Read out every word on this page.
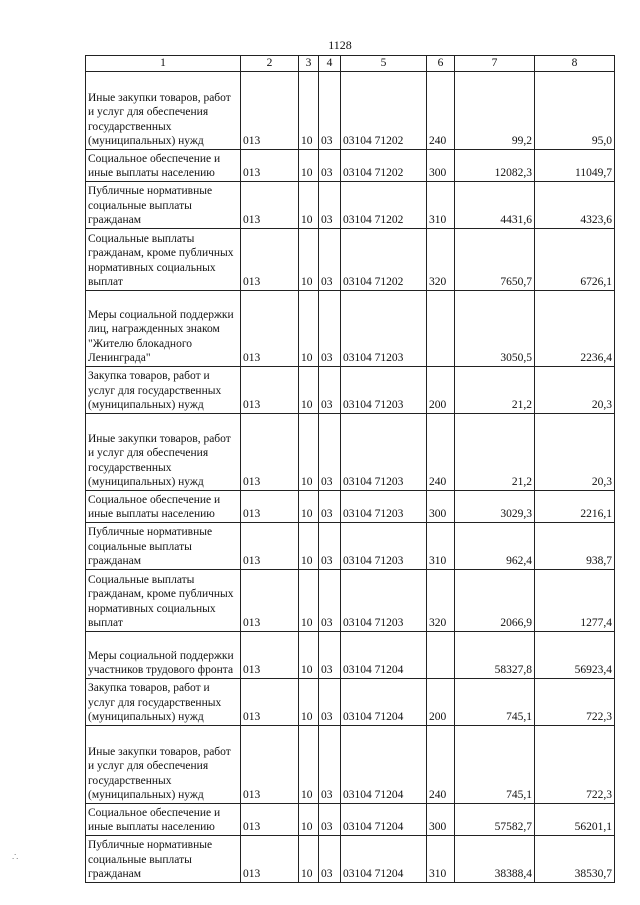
1128
1	2	3	4	5	6	7	8
Иные закупки товаров, работ и услуг для обеспечения государственных (муниципальных) нужд	013	10	03	03104 71202	240	99,2	95,0
Социальное обеспечение и иные выплаты населению	013	10	03	03104 71202	300	12082,3	11049,7
Публичные нормативные социальные выплаты гражданам	013	10	03	03104 71202	310	4431,6	4323,6
Социальные выплаты гражданам, кроме публичных нормативных социальных выплат	013	10	03	03104 71202	320	7650,7	6726,1
Меры социальной поддержки лиц, награжденных знаком "Жителю блокадного Ленинграда"	013	10	03	03104 71203		3050,5	2236,4
Закупка товаров, работ и услуг для государственных (муниципальных) нужд	013	10	03	03104 71203	200	21,2	20,3
Иные закупки товаров, работ и услуг для обеспечения государственных (муниципальных) нужд	013	10	03	03104 71203	240	21,2	20,3
Социальное обеспечение и иные выплаты населению	013	10	03	03104 71203	300	3029,3	2216,1
Публичные нормативные социальные выплаты гражданам	013	10	03	03104 71203	310	962,4	938,7
Социальные выплаты гражданам, кроме публичных нормативных социальных выплат	013	10	03	03104 71203	320	2066,9	1277,4
Меры социальной поддержки участников трудового фронта	013	10	03	03104 71204		58327,8	56923,4
Закупка товаров, работ и услуг для государственных (муниципальных) нужд	013	10	03	03104 71204	200	745,1	722,3
Иные закупки товаров, работ и услуг для обеспечения государственных (муниципальных) нужд	013	10	03	03104 71204	240	745,1	722,3
Социальное обеспечение и иные выплаты населению	013	10	03	03104 71204	300	57582,7	56201,1
Публичные нормативные социальные выплаты гражданам	013	10	03	03104 71204	310	38388,4	38530,7
∴
